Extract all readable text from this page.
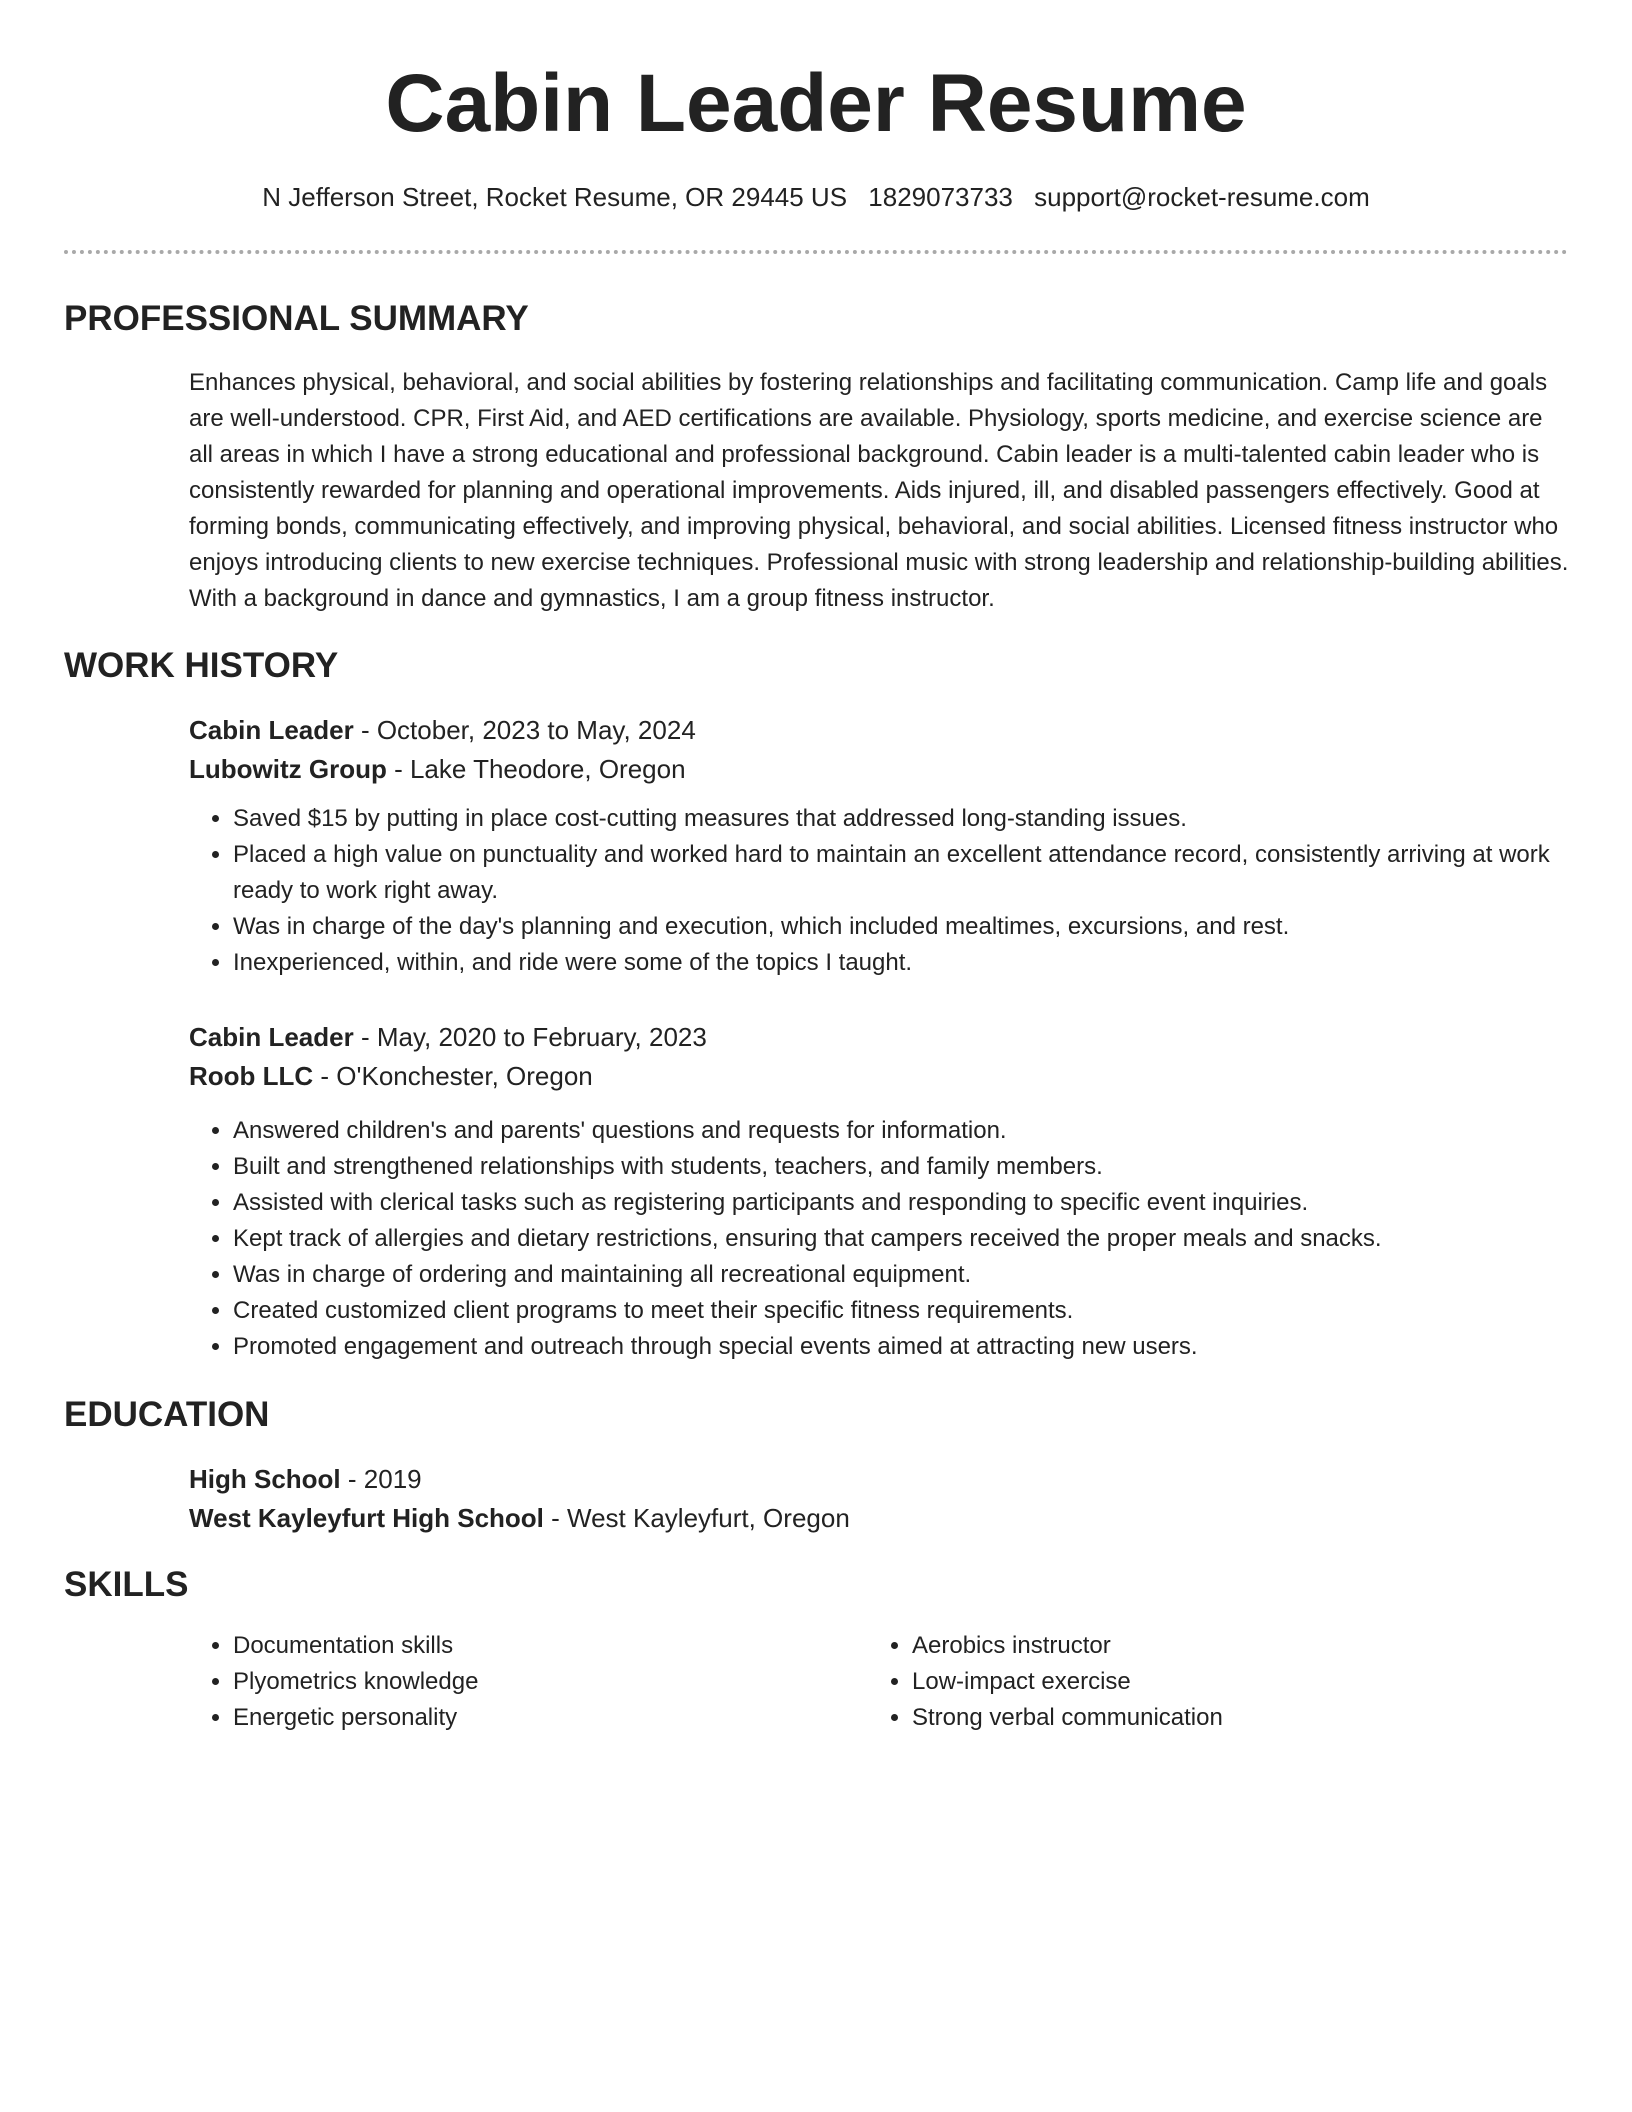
Cabin Leader Resume
N Jefferson Street, Rocket Resume, OR 29445 US 1829073733 support@rocket-resume.com
PROFESSIONAL SUMMARY

Enhances physical, behavioral, and social abilities by fostering relationships and facilitating communication. Camp life and goals are well-understood. CPR, First Aid, and AED certifications are available. Physiology, sports medicine, and exercise science are all areas in which I have a strong educational and professional background. Cabin leader is a multi-talented cabin leader who is consistently rewarded for planning and operational improvements. Aids injured, ill, and disabled passengers effectively. Good at forming bonds, communicating effectively, and improving physical, behavioral, and social abilities. Licensed fitness instructor who enjoys introducing clients to new exercise techniques. Professional music with strong leadership and relationship-building abilities. With a background in dance and gymnastics, I am a group fitness instructor.

WORK HISTORY
Cabin Leader - October, 2023 to May, 2024
Lubowitz Group - Lake Theodore, Oregon
• Saved $15 by putting in place cost-cutting measures that addressed long-standing issues.
• Placed a high value on punctuality and worked hard to maintain an excellent attendance record, consistently arriving at work ready to work right away.
• Was in charge of the day's planning and execution, which included mealtimes, excursions, and rest.
• Inexperienced, within, and ride were some of the topics I taught.
Cabin Leader - May, 2020 to February, 2023
Roob LLC - O'Konchester, Oregon
• Answered children's and parents' questions and requests for information.
• Built and strengthened relationships with students, teachers, and family members.
• Assisted with clerical tasks such as registering participants and responding to specific event inquiries.
• Kept track of allergies and dietary restrictions, ensuring that campers received the proper meals and snacks.
• Was in charge of ordering and maintaining all recreational equipment.
• Created customized client programs to meet their specific fitness requirements.
• Promoted engagement and outreach through special events aimed at attracting new users.
EDUCATION
High School - 2019
West Kayleyfurt High School - West Kayleyfurt, Oregon
SKILLS
• Documentation skills
• Plyometrics knowledge
• Energetic personality
• Aerobics instructor
• Low-impact exercise
• Strong verbal communication
